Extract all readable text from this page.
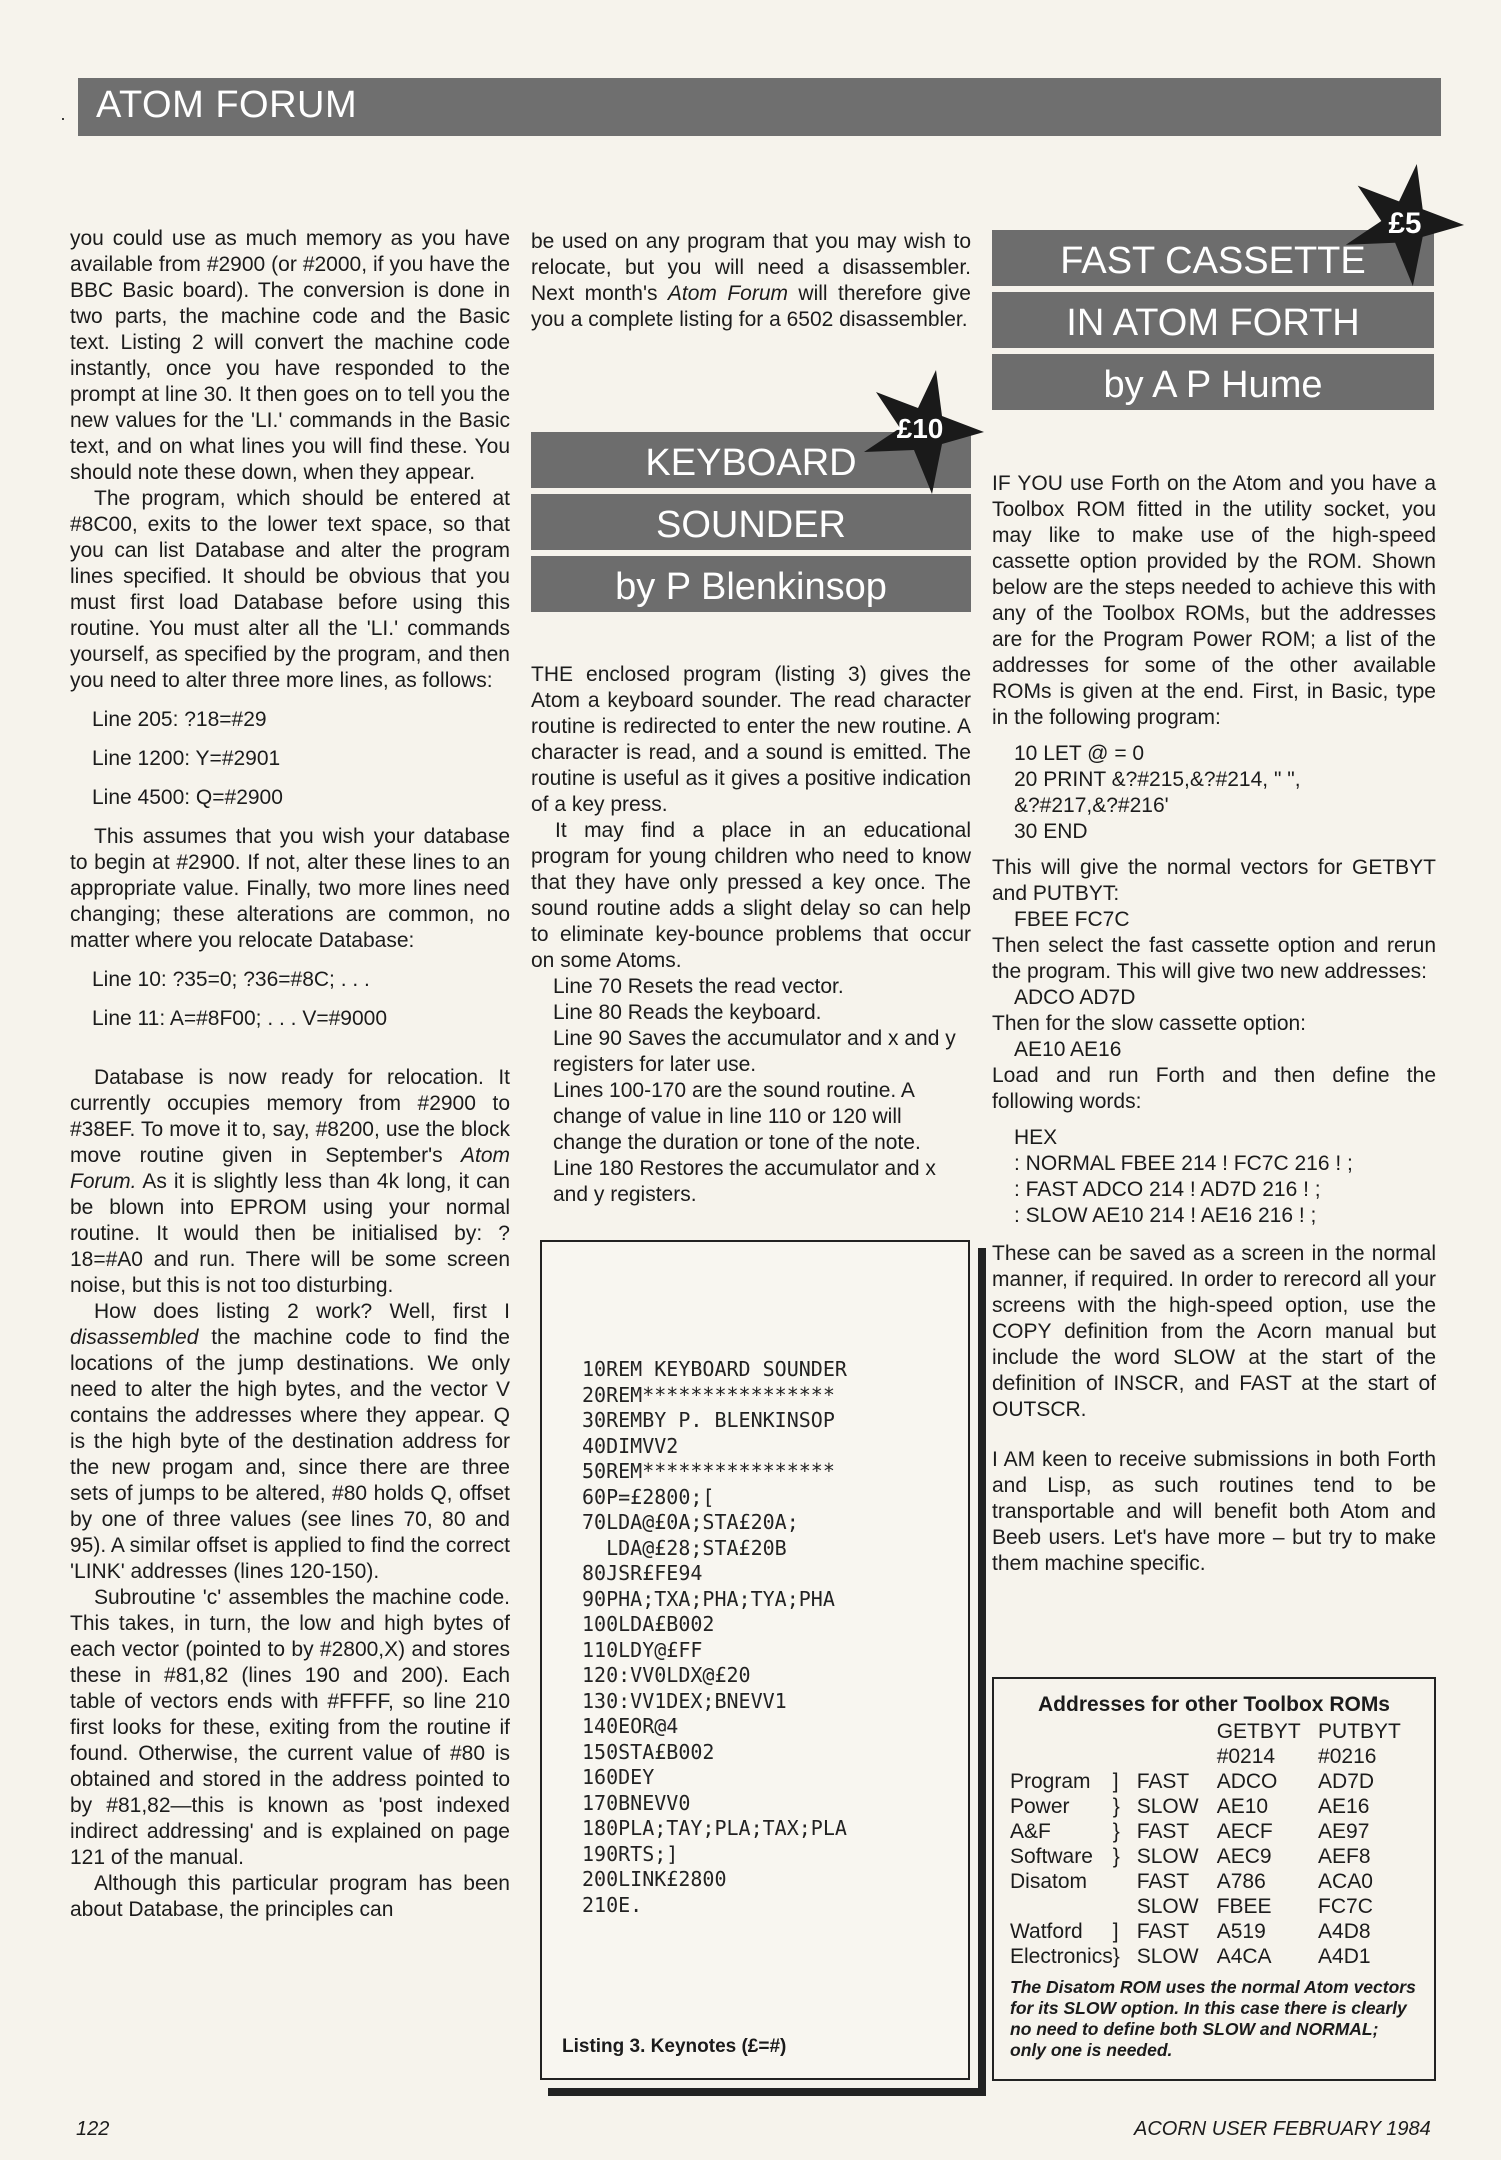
· ATOM FORUM

you could use as much memory as you have available from #2900 (or #2000, if you have the BBC Basic board). The conversion is done in two parts, the machine code and the Basic text. Listing 2 will convert the machine code instantly, once you have responded to the prompt at line 30. It then goes on to tell you the new values for the 'LI.' commands in the Basic text, and on what lines you will find these. You should note these down, when they appear.

The program, which should be entered at #8C00, exits to the lower text space, so that you can list Database and alter the program lines specified. It should be obvious that you must first load Database before using this routine. You must alter all the 'LI.' commands yourself, as specified by the program, and then you need to alter three more lines, as follows:

Line 205: ?18=#29

Line 1200: Y=#2901

Line 4500: Q=#2900

This assumes that you wish your database to begin at #2900. If not, alter these lines to an appropriate value. Finally, two more lines need changing; these alterations are common, no matter where you relocate Database:

Line 10: ?35=0; ?36=#8C; . . .

Line 11: A=#8F00; . . . V=#9000

Database is now ready for relocation. It currently occupies memory from #2900 to #38EF. To move it to, say, #8200, use the block move routine given in September's Atom Forum. As it is slightly less than 4k long, it can be blown into EPROM using your normal routine. It would then be initialised by: ?18=#A0 and run. There will be some screen noise, but this is not too disturbing.

How does listing 2 work? Well, first I disassembled the machine code to find the locations of the jump destinations. We only need to alter the high bytes, and the vector V contains the addresses where they appear. Q is the high byte of the destination address for the new progam and, since there are three sets of jumps to be altered, #80 holds Q, offset by one of three values (see lines 70, 80 and 95). A similar offset is applied to find the correct 'LINK' addresses (lines 120-150).

Subroutine 'c' assembles the machine code. This takes, in turn, the low and high bytes of each vector (pointed to by #2800,X) and stores these in #81,82 (lines 190 and 200). Each table of vectors ends with #FFFF, so line 210 first looks for these, exiting from the routine if found. Otherwise, the current value of #80 is obtained and stored in the address pointed to by #81,82—this is known as 'post indexed indirect addressing' and is explained on page 121 of the manual.

Although this particular program has been about Database, the principles can

be used on any program that you may wish to relocate, but you will need a disassembler. Next month's Atom Forum will therefore give you a complete listing for a 6502 disassembler.

KEYBOARD
SOUNDER
by P Blenkinsop
£10

THE enclosed program (listing 3) gives the Atom a keyboard sounder. The read character routine is redirected to enter the new routine. A character is read, and a sound is emitted. The routine is useful as it gives a positive indication of a key press.

It may find a place in an educational program for young children who need to know that they have only pressed a key once. The sound routine adds a slight delay so can help to eliminate key-bounce problems that occur on some Atoms.

Line 70 Resets the read vector.

Line 80 Reads the keyboard.

Line 90 Saves the accumulator and x and y registers for later use.

Lines 100-170 are the sound routine. A change of value in line 110 or 120 will change the duration or tone of the note.

Line 180 Restores the accumulator and x and y registers.

10REM KEYBOARD SOUNDER
20REM****************
30REMBY P. BLENKINSOP
40DIMVV2
50REM****************
60P=£2800;[
70LDA@£0A;STA£20A;
LDA@£28;STA£20B
80JSR£FE94
90PHA;TXA;PHA;TYA;PHA
100LDA£B002
110LDY@£FF
120:VV0LDX@£20
130:VV1DEX;BNEVV1
140EOR@4
150STA£B002
160DEY
170BNEVV0
180PLA;TAY;PLA;TAX;PLA
190RTS;]
200LINK£2800
210E.
Listing 3. Keynotes (£=#)
FAST CASSETTE
IN ATOM FORTH
by A P Hume
£5

IF YOU use Forth on the Atom and you have a Toolbox ROM fitted in the utility socket, you may like to make use of the high-speed cassette option provided by the ROM. Shown below are the steps needed to achieve this with any of the Toolbox ROMs, but the addresses are for the Program Power ROM; a list of the addresses for some of the other available ROMs is given at the end. First, in Basic, type in the following program:

10 LET @ = 0

20 PRINT &?#215,&?#214, " ",

&?#217,&?#216'

30 END

This will give the normal vectors for GETBYT and PUTBYT:

FBEE FC7C

Then select the fast cassette option and rerun the program. This will give two new addresses:

ADCO AD7D

Then for the slow cassette option:

AE10 AE16

Load and run Forth and then define the following words:

HEX

: NORMAL FBEE 214 ! FC7C 216 ! ;

: FAST ADCO 214 ! AD7D 216 ! ;

: SLOW AE10 214 ! AE16 216 ! ;

These can be saved as a screen in the normal manner, if required. In order to rerecord all your screens with the high-speed option, use the COPY definition from the Acorn manual but include the word SLOW at the start of the definition of INSCR, and FAST at the start of OUTSCR.

I AM keen to receive submissions in both Forth and Lisp, as such routines tend to be transportable and will benefit both Atom and Beeb users. Let's have more – but try to make them machine specific.

Addresses for other Toolbox ROMs
			GETBYT	PUTBYT
			#0214	#0216
Program	]	FAST	ADCO	AD7D
Power	}	SLOW	AE10	AE16
A&F	}	FAST	AECF	AE97
Software	}	SLOW	AEC9	AEF8
Disatom		FAST	A786	ACA0
		SLOW	FBEE	FC7C
Watford	]	FAST	A519	A4D8
Electronics	}	SLOW	A4CA	A4D1
The Disatom ROM uses the normal Atom vectors for its SLOW option. In this case there is clearly no need to define both SLOW and NORMAL; only one is needed.
122	ACORN USER FEBRUARY 1984
